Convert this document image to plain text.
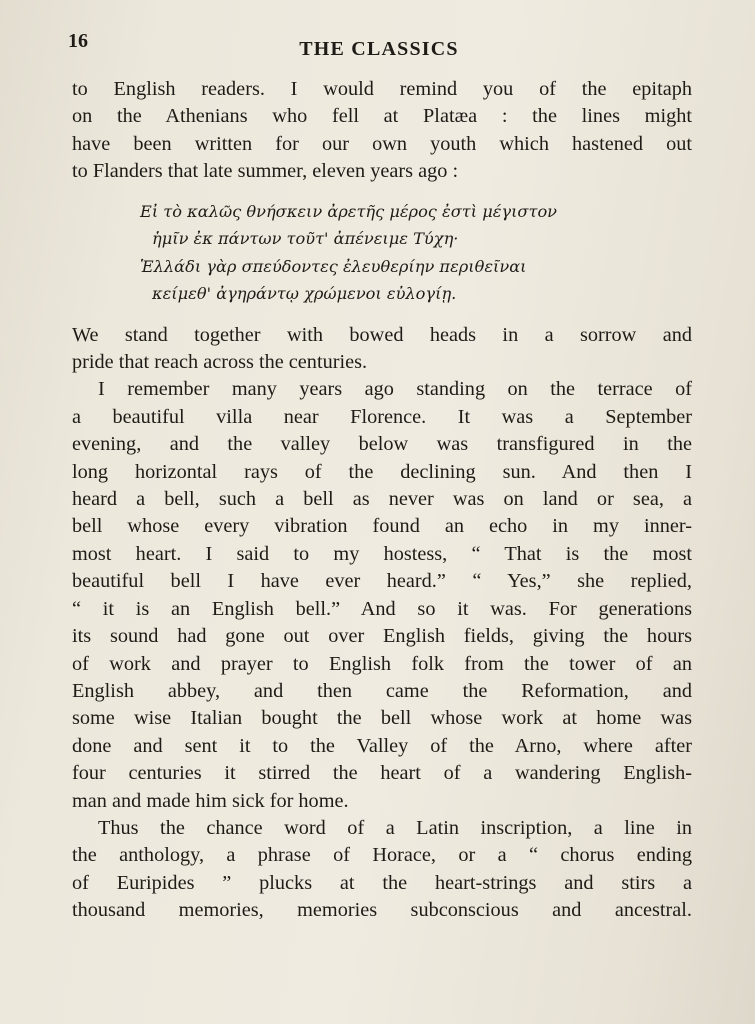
16	THE CLASSICS
to English readers. I would remind you of the epitaph
on the Athenians who fell at Platæa : the lines might
have been written for our own youth which hastened out
to Flanders that late summer, eleven years ago :
Εἰ τὸ καλῶς θνήσκειν ἀρετῆς μέρος ἐστὶ μέγιστον
ἡμῖν ἐκ πάντων τοῦτ' ἀπένειμε Τύχη·
Ἑλλάδι γὰρ σπεύδοντες ἐλευθερίην περιθεῖναι
κείμεθ' ἀγηράντῳ χρώμενοι εὐλογίῃ.
We stand together with bowed heads in a sorrow and
pride that reach across the centuries.
I remember many years ago standing on the terrace of
a beautiful villa near Florence. It was a September
evening, and the valley below was transfigured in the
long horizontal rays of the declining sun. And then I
heard a bell, such a bell as never was on land or sea, a
bell whose every vibration found an echo in my inner-
most heart. I said to my hostess, “ That is the most
beautiful bell I have ever heard.” “ Yes,” she replied,
“ it is an English bell.” And so it was. For generations
its sound had gone out over English fields, giving the hours
of work and prayer to English folk from the tower of an
English abbey, and then came the Reformation, and
some wise Italian bought the bell whose work at home was
done and sent it to the Valley of the Arno, where after
four centuries it stirred the heart of a wandering English-
man and made him sick for home.
Thus the chance word of a Latin inscription, a line in
the anthology, a phrase of Horace, or a “ chorus ending
of Euripides ” plucks at the heart-strings and stirs a
thousand memories, memories subconscious and ancestral.
